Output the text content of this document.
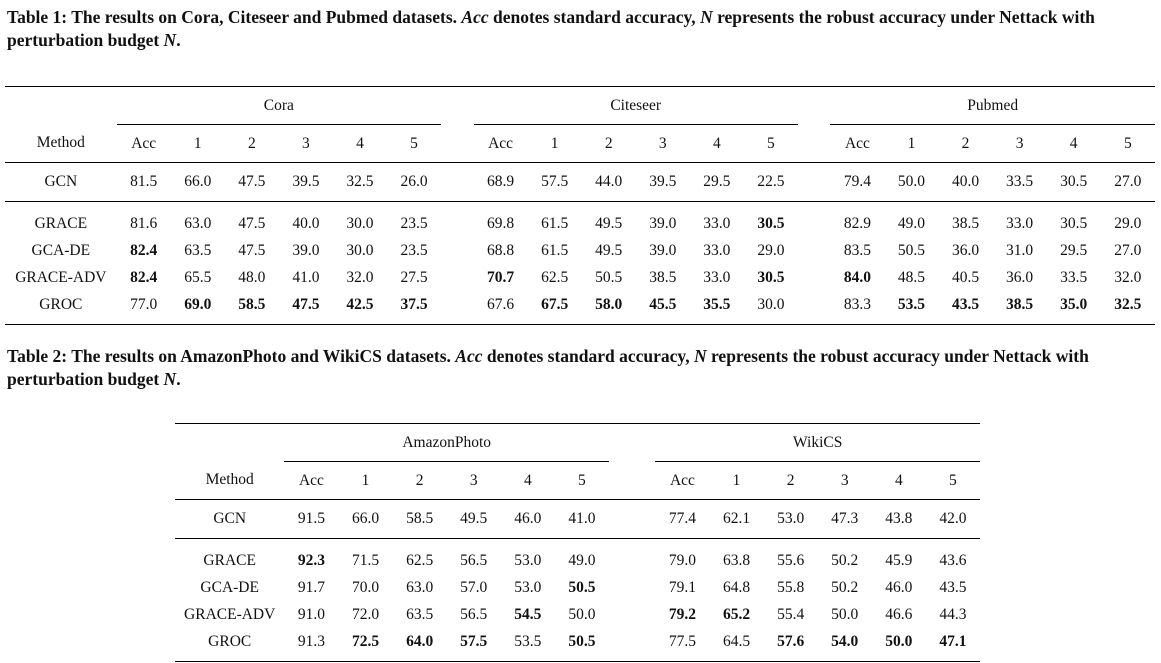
Table 1: The results on Cora, Citeseer and Pubmed datasets. Acc denotes standard accuracy, N represents the robust accuracy under Nettack with perturbation budget N.

	Cora							Citeseer							Pubmed					
Method	Acc	1	2	3	4	5		Acc	1	2	3	4	5		Acc	1	2	3	4	5
GCN	81.5	66.0	47.5	39.5	32.5	26.0		68.9	57.5	44.0	39.5	29.5	22.5		79.4	50.0	40.0	33.5	30.5	27.0
GRACE	81.6	63.0	47.5	40.0	30.0	23.5		69.8	61.5	49.5	39.0	33.0	30.5		82.9	49.0	38.5	33.0	30.5	29.0
GCA-DE	82.4	63.5	47.5	39.0	30.0	23.5		68.8	61.5	49.5	39.0	33.0	29.0		83.5	50.5	36.0	31.0	29.5	27.0
GRACE-ADV	82.4	65.5	48.0	41.0	32.0	27.5		70.7	62.5	50.5	38.5	33.0	30.5		84.0	48.5	40.5	36.0	33.5	32.0
GROC	77.0	69.0	58.5	47.5	42.5	37.5		67.6	67.5	58.0	45.5	35.5	30.0		83.3	53.5	43.5	38.5	35.0	32.5

Table 2: The results on AmazonPhoto and WikiCS datasets. Acc denotes standard accuracy, N represents the robust accuracy under Nettack with perturbation budget N.

	AmazonPhoto							WikiCS					
Method	Acc	1	2	3	4	5		Acc	1	2	3	4	5
GCN	91.5	66.0	58.5	49.5	46.0	41.0		77.4	62.1	53.0	47.3	43.8	42.0
GRACE	92.3	71.5	62.5	56.5	53.0	49.0		79.0	63.8	55.6	50.2	45.9	43.6
GCA-DE	91.7	70.0	63.0	57.0	53.0	50.5		79.1	64.8	55.8	50.2	46.0	43.5
GRACE-ADV	91.0	72.0	63.5	56.5	54.5	50.0		79.2	65.2	55.4	50.0	46.6	44.3
GROC	91.3	72.5	64.0	57.5	53.5	50.5		77.5	64.5	57.6	54.0	50.0	47.1
